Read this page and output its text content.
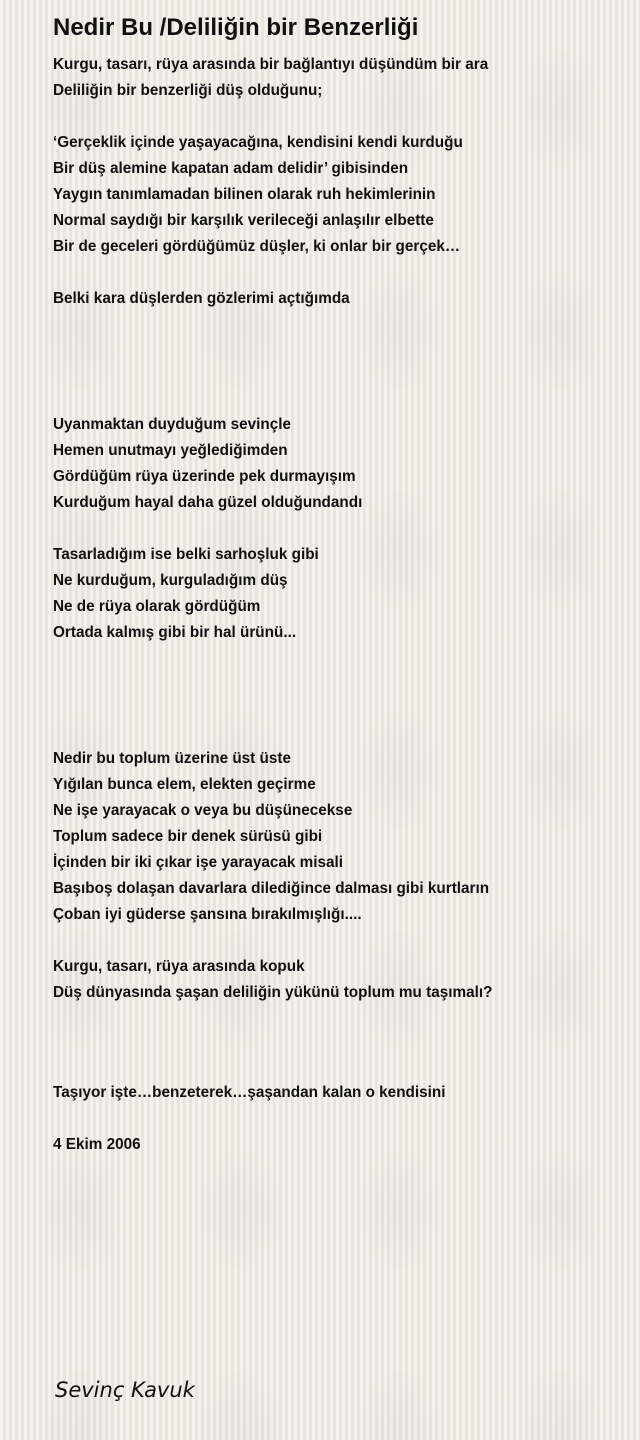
Nedir Bu /Deliliğin bir Benzerliği
Kurgu, tasarı, rüya arasında bir bağlantıyı düşündüm bir ara
Deliliğin bir benzerliği düş olduğunu;
‘Gerçeklik içinde yaşayacağına, kendisini kendi kurduğu
Bir düş alemine kapatan adam delidir’ gibisinden
Yaygın tanımlamadan bilinen olarak ruh hekimlerinin
Normal saydığı bir karşılık verileceği anlaşılır elbette
Bir de geceleri gördüğümüz düşler, ki onlar bir gerçek…
Belki kara düşlerden gözlerimi açtığımda
Uyanmaktan duyduğum sevinçle
Hemen unutmayı yeğlediğimden
Gördüğüm rüya üzerinde pek durmayışım
Kurduğum hayal daha güzel olduğundandı
Tasarladığım ise belki sarhoşluk gibi
Ne kurduğum, kurguladığım düş
Ne de rüya olarak gördüğüm
Ortada kalmış gibi bir hal ürünü...
Nedir bu toplum üzerine üst üste
Yığılan bunca elem, elekten geçirme
Ne işe yarayacak o veya bu düşünecekse
Toplum sadece bir denek sürüsü gibi
İçinden bir iki çıkar işe yarayacak misali
Başıboş dolaşan davarlara dilediğince dalması gibi kurtların
Çoban iyi güderse şansına bırakılmışlığı....
Kurgu, tasarı, rüya arasında kopuk
Düş dünyasında şaşan deliliğin yükünü toplum mu taşımalı?
Taşıyor işte…benzeterek…şaşandan kalan o kendisini
4 Ekim 2006
Sevinç Kavuk
